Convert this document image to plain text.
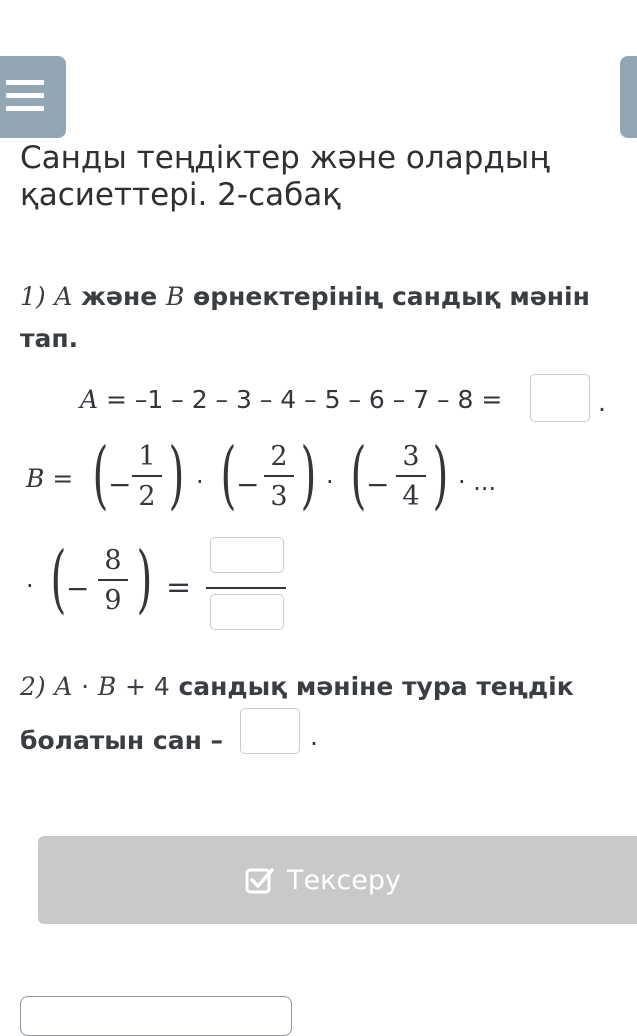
Санды теңдіктер және олардың қасиеттері. 2-сабақ
1) A және B өрнектерінің сандық мәнін тап.
A = –1 – 2 – 3 – 4 – 5 – 6 – 7 – 8 =	.
B = ( −
1
2 ) · ( −
2
3 ) · ( −
3
4 ) · ...
· ( −
8
9 ) =
2) A · B + 4 сандық мәніне тура теңдік болатын сан –	.
Тексеру
